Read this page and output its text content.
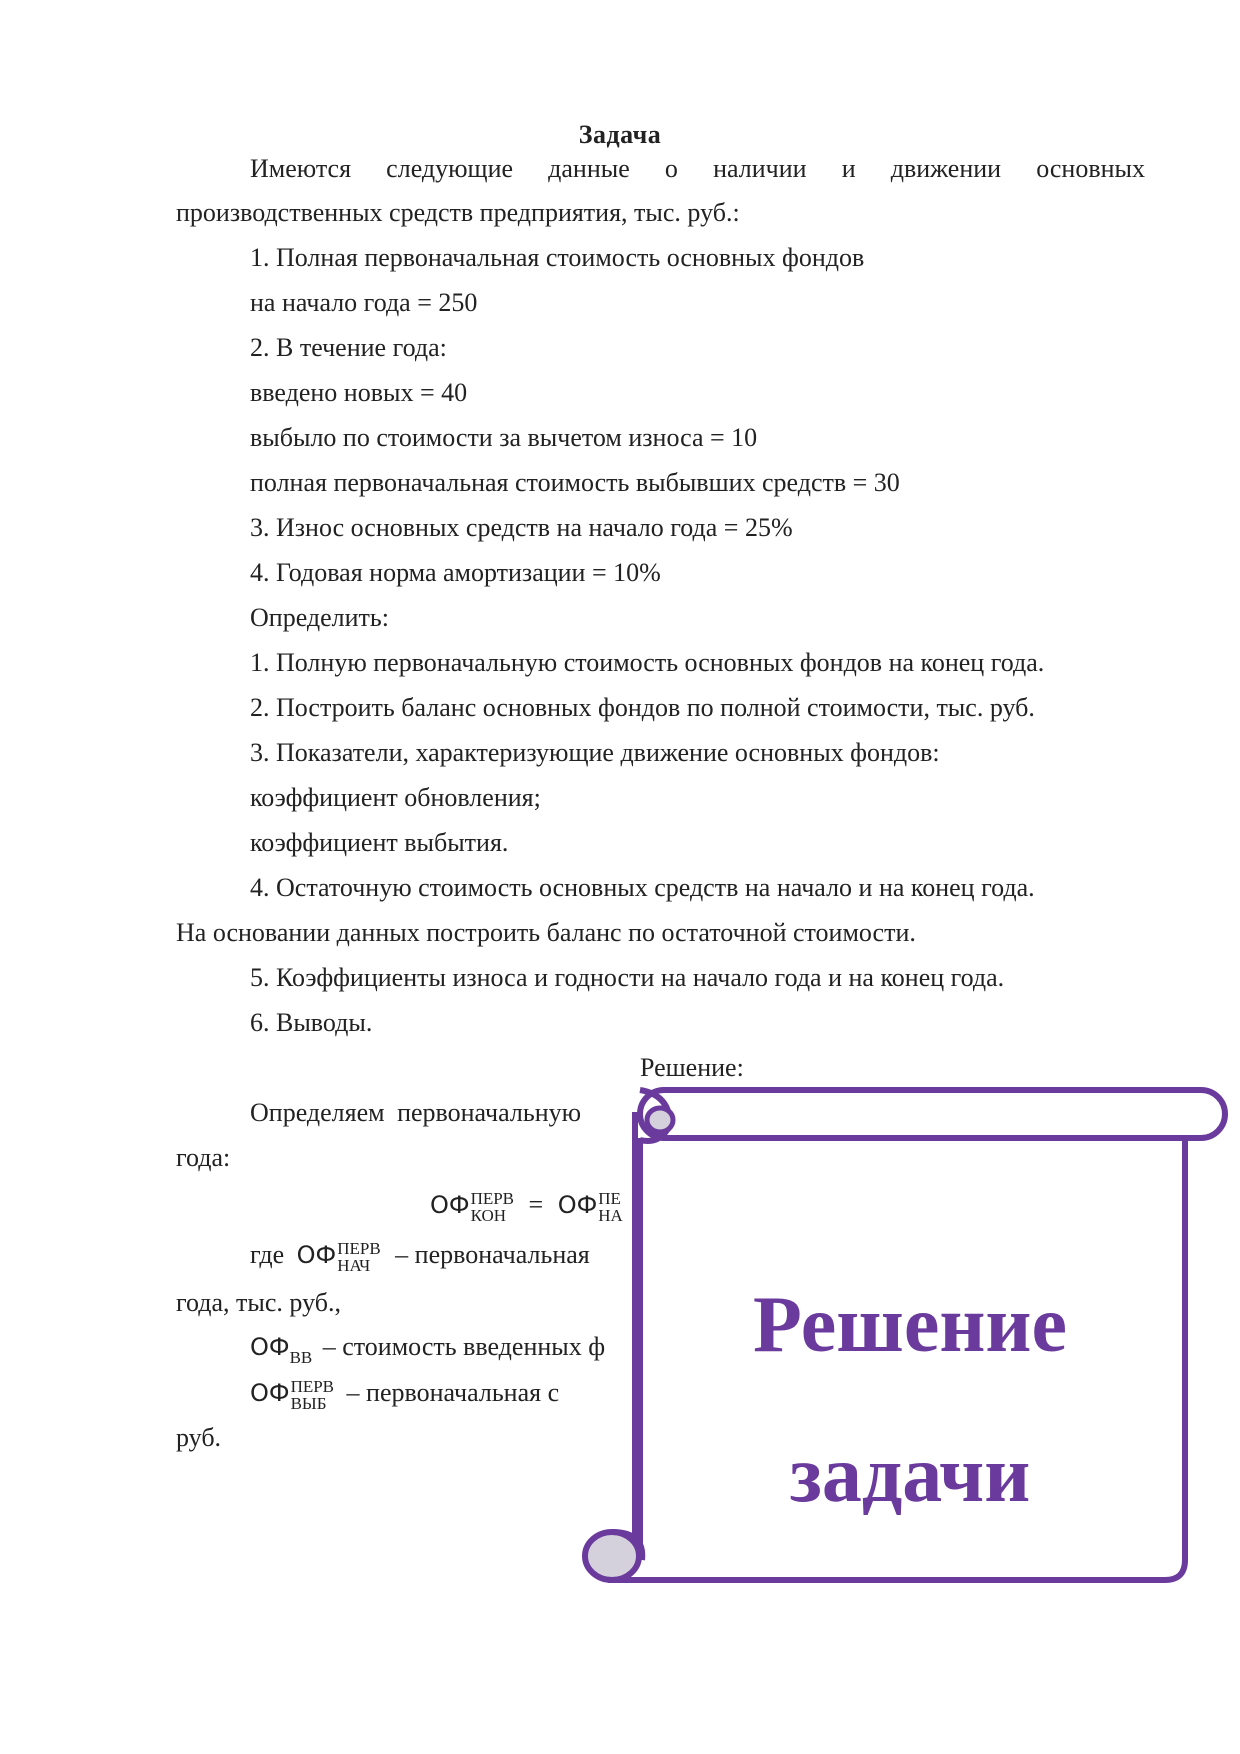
Задача
Имеются следующие данные о наличии и движении основных
производственных средств предприятия, тыс. руб.:
1. Полная первоначальная стоимость основных фондов
на начало года = 250
2. В течение года:
введено новых = 40
выбыло по стоимости за вычетом износа = 10
полная первоначальная стоимость выбывших средств = 30
3. Износ основных средств на начало года = 25%
4. Годовая норма амортизации = 10%
Определить:
1. Полную первоначальную стоимость основных фондов на конец года.
2. Построить баланс основных фондов по полной стоимости, тыс. руб.
3. Показатели, характеризующие движение основных фондов:
коэффициент обновления;
коэффициент выбытия.
4. Остаточную стоимость основных средств на начало и на конец года.
На основании данных построить баланс по остаточной стоимости.
5. Коэффициенты износа и годности на начало года и на конец года.
6. Выводы.
Решение:
Определяем первоначальную
года:
ОФ ПЕРВ
КОН = ОФ ПЕ
НА
где ОФ ПЕРВ
НАЧ – первоначальная
года, тыс. руб.,
$ОФ_{ВВ}$ – стоимость введенных ф
ОФ ПЕРВ
ВЫБ – первоначальная с
руб.
Решение
задачи
